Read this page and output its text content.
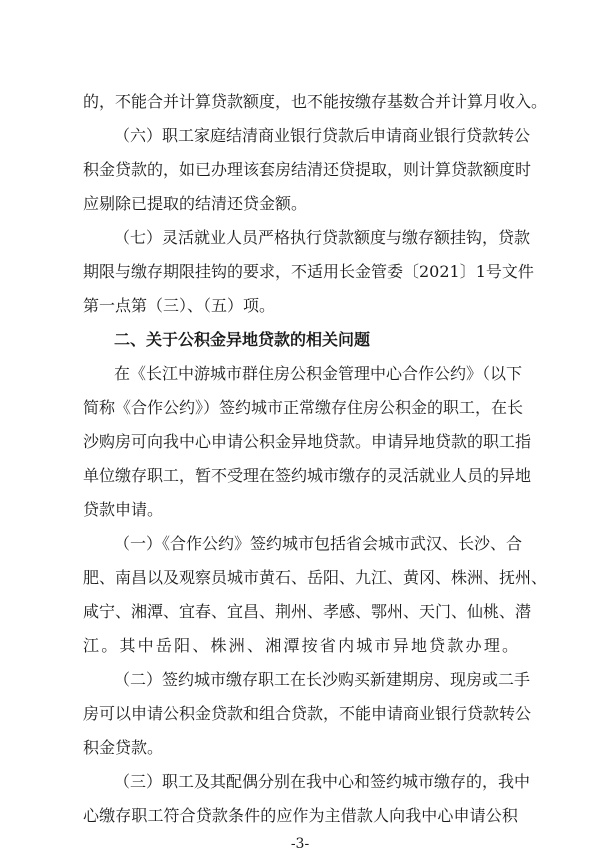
的，不能合并计算贷款额度，也不能按缴存基数合并计算月收入。
（六）职工家庭结清商业银行贷款后申请商业银行贷款转公
积金贷款的，如已办理该套房结清还贷提取，则计算贷款额度时
应剔除已提取的结清还贷金额。
（七）灵活就业人员严格执行贷款额度与缴存额挂钩，贷款
期限与缴存期限挂钩的要求，不适用长金管委〔2021〕1号文件
第一点第（三）、（五）项。
二、关于公积金异地贷款的相关问题
在《长江中游城市群住房公积金管理中心合作公约》（以下
简称《合作公约》）签约城市正常缴存住房公积金的职工，在长
沙购房可向我中心申请公积金异地贷款。申请异地贷款的职工指
单位缴存职工，暂不受理在签约城市缴存的灵活就业人员的异地
贷款申请。
（一）《合作公约》签约城市包括省会城市武汉、长沙、合
肥、南昌以及观察员城市黄石、岳阳、九江、黄冈、株洲、抚州、
咸宁、湘潭、宜春、宜昌、荆州、孝感、鄂州、天门、仙桃、潜
江。其中岳阳、株洲、湘潭按省内城市异地贷款办理。
（二）签约城市缴存职工在长沙购买新建期房、现房或二手
房可以申请公积金贷款和组合贷款，不能申请商业银行贷款转公
积金贷款。
（三）职工及其配偶分别在我中心和签约城市缴存的，我中
心缴存职工符合贷款条件的应作为主借款人向我中心申请公积
-3-
